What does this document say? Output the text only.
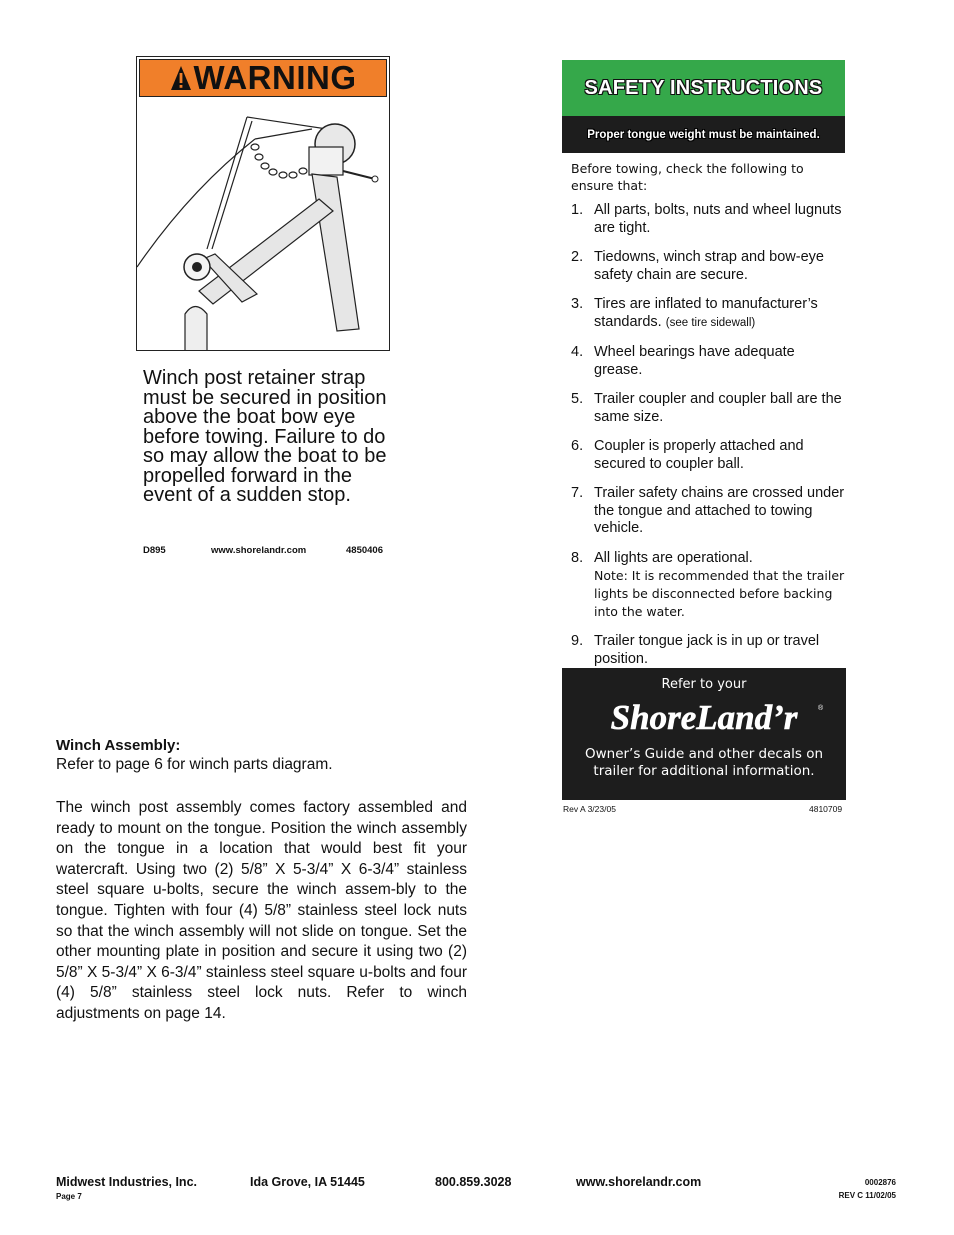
WARNING
Winch post retainer strap must be secured in position above the boat bow eye before towing. Failure to do so may allow the boat to be propelled forward in the event of a sudden stop.
D895	www.shorelandr.com	4850406
SAFETY INSTRUCTIONS
Proper tongue weight must be maintained.
Before towing, check the following to ensure that:
1. All parts, bolts, nuts and wheel lugnuts are tight.
2. Tiedowns, winch strap and bow-eye safety chain are secure.
3. Tires are inflated to manufacturer’s standards. (see tire sidewall)
4. Wheel bearings have adequate grease.
5. Trailer coupler and coupler ball are the same size.
6. Coupler is properly attached and secured to coupler ball.
7. Trailer safety chains are crossed under the tongue and attached to towing vehicle.
8. All lights are operational.
Note: It is recommended that the trailer lights be disconnected before backing into the water.
9. Trailer tongue jack is in up or travel position.
Refer to your
ShoreLand’r	®
Owner’s Guide and other decals on
trailer for additional information.
Rev A 3/23/05	4810709
Winch Assembly:
Refer to page 6 for winch parts diagram.
The winch post assembly comes factory assembled and ready to mount on the tongue. Position the winch assembly on the tongue in a location that would best fit your watercraft. Using two (2) 5/8” X 5-3/4” X 6-3/4” stainless steel square u-bolts, secure the winch assem-bly to the tongue. Tighten with four (4) 5/8” stainless steel lock nuts so that the winch assembly will not slide on tongue. Set the other mounting plate in position and secure it using two (2) 5/8” X 5-3/4” X 6-3/4” stainless steel square u-bolts and four (4) 5/8” stainless steel lock nuts. Refer to winch adjustments on page 14.
Midwest Industries, Inc.	Ida Grove, IA 51445	800.859.3028	www.shorelandr.com
Page 7
0002876
REV C 11/02/05
